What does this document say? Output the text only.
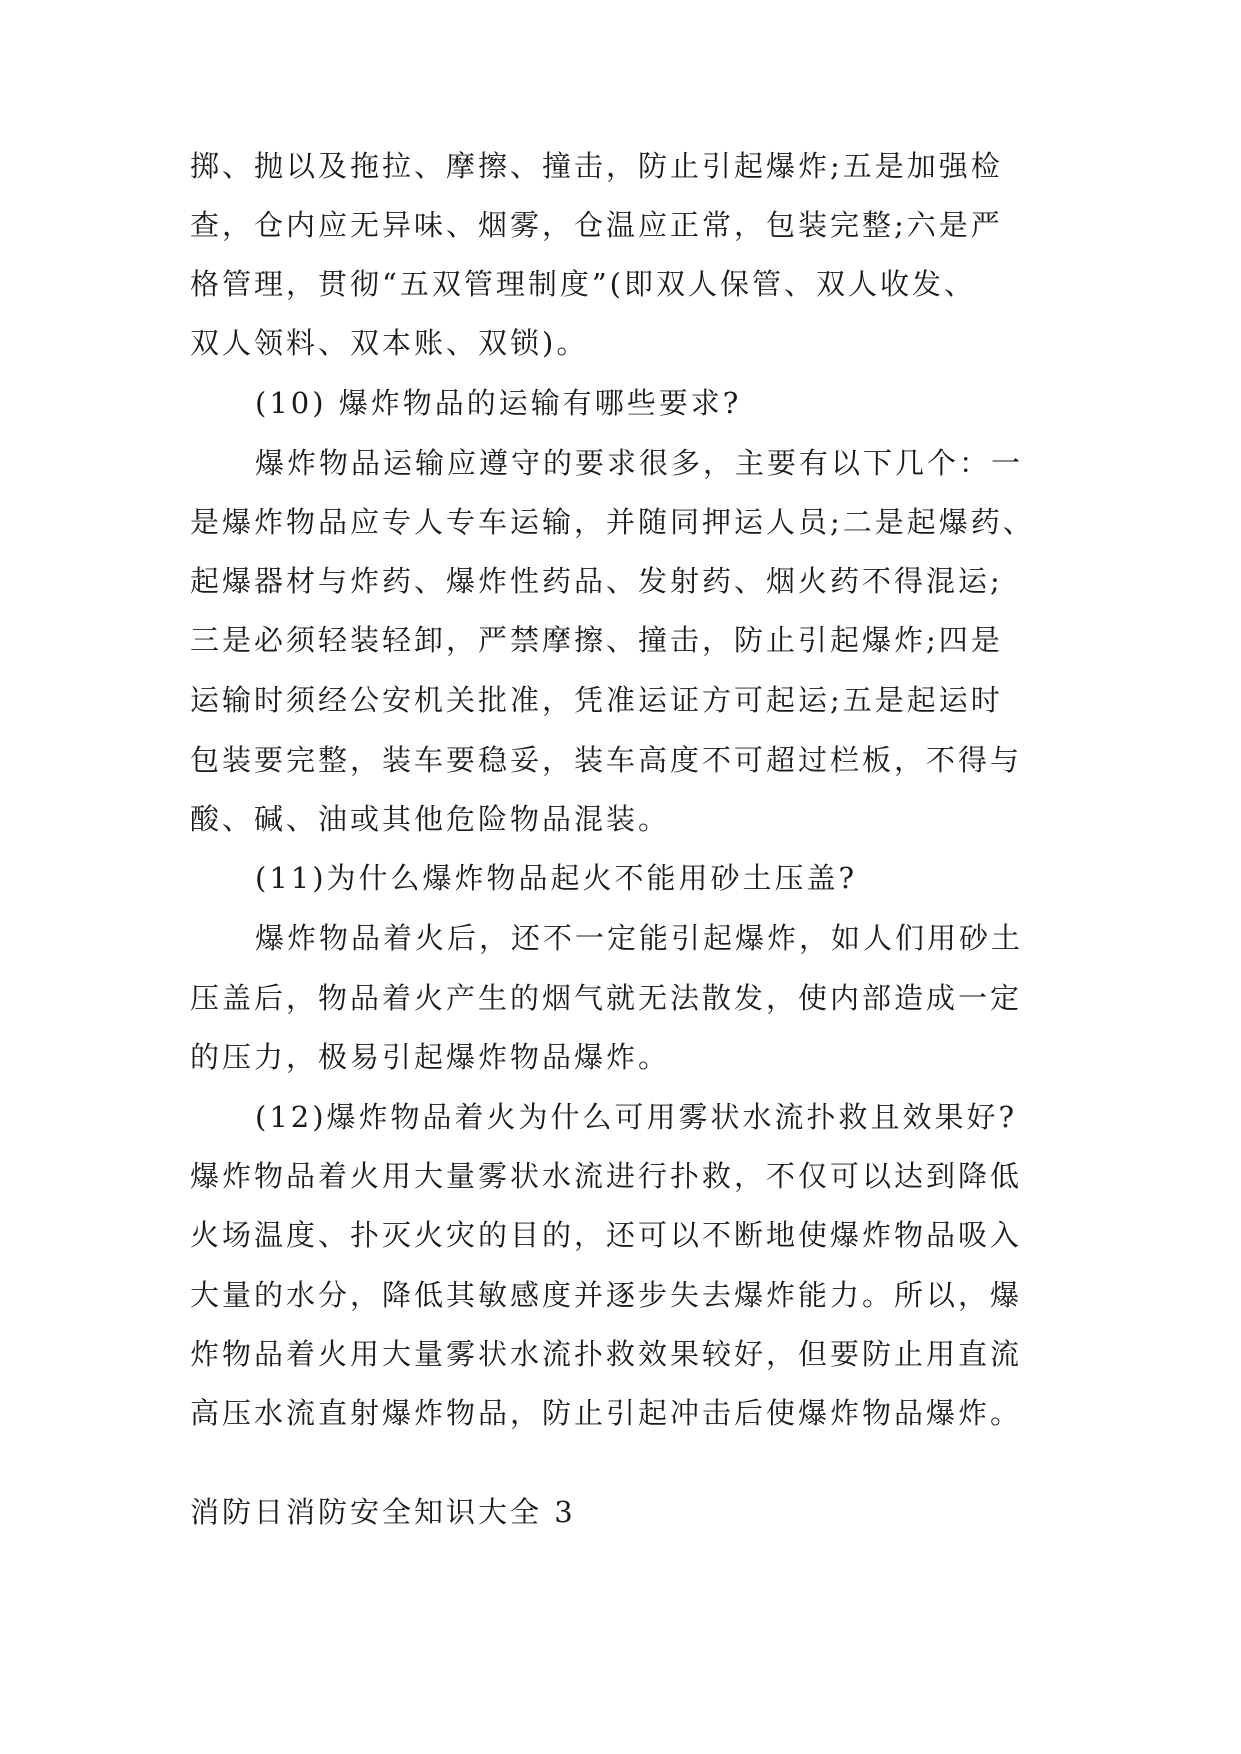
掷、抛以及拖拉、摩擦、撞击，防止引起爆炸;五是加强检

查，仓内应无异味、烟雾，仓温应正常，包装完整;六是严

格管理，贯彻“五双管理制度”(即双人保管、双人收发、

双人领料、双本账、双锁)。

(10) 爆炸物品的运输有哪些要求?

爆炸物品运输应遵守的要求很多，主要有以下几个：一

是爆炸物品应专人专车运输，并随同押运人员;二是起爆药、

起爆器材与炸药、爆炸性药品、发射药、烟火药不得混运;

三是必须轻装轻卸，严禁摩擦、撞击，防止引起爆炸;四是

运输时须经公安机关批准，凭准运证方可起运;五是起运时

包装要完整，装车要稳妥，装车高度不可超过栏板，不得与

酸、碱、油或其他危险物品混装。

(11)为什么爆炸物品起火不能用砂土压盖?

爆炸物品着火后，还不一定能引起爆炸，如人们用砂土

压盖后，物品着火产生的烟气就无法散发，使内部造成一定

的压力，极易引起爆炸物品爆炸。

(12)爆炸物品着火为什么可用雾状水流扑救且效果好?

爆炸物品着火用大量雾状水流进行扑救，不仅可以达到降低

火场温度、扑灭火灾的目的，还可以不断地使爆炸物品吸入

大量的水分，降低其敏感度并逐步失去爆炸能力。所以，爆

炸物品着火用大量雾状水流扑救效果较好，但要防止用直流

高压水流直射爆炸物品，防止引起冲击后使爆炸物品爆炸。

消防日消防安全知识大全 3
